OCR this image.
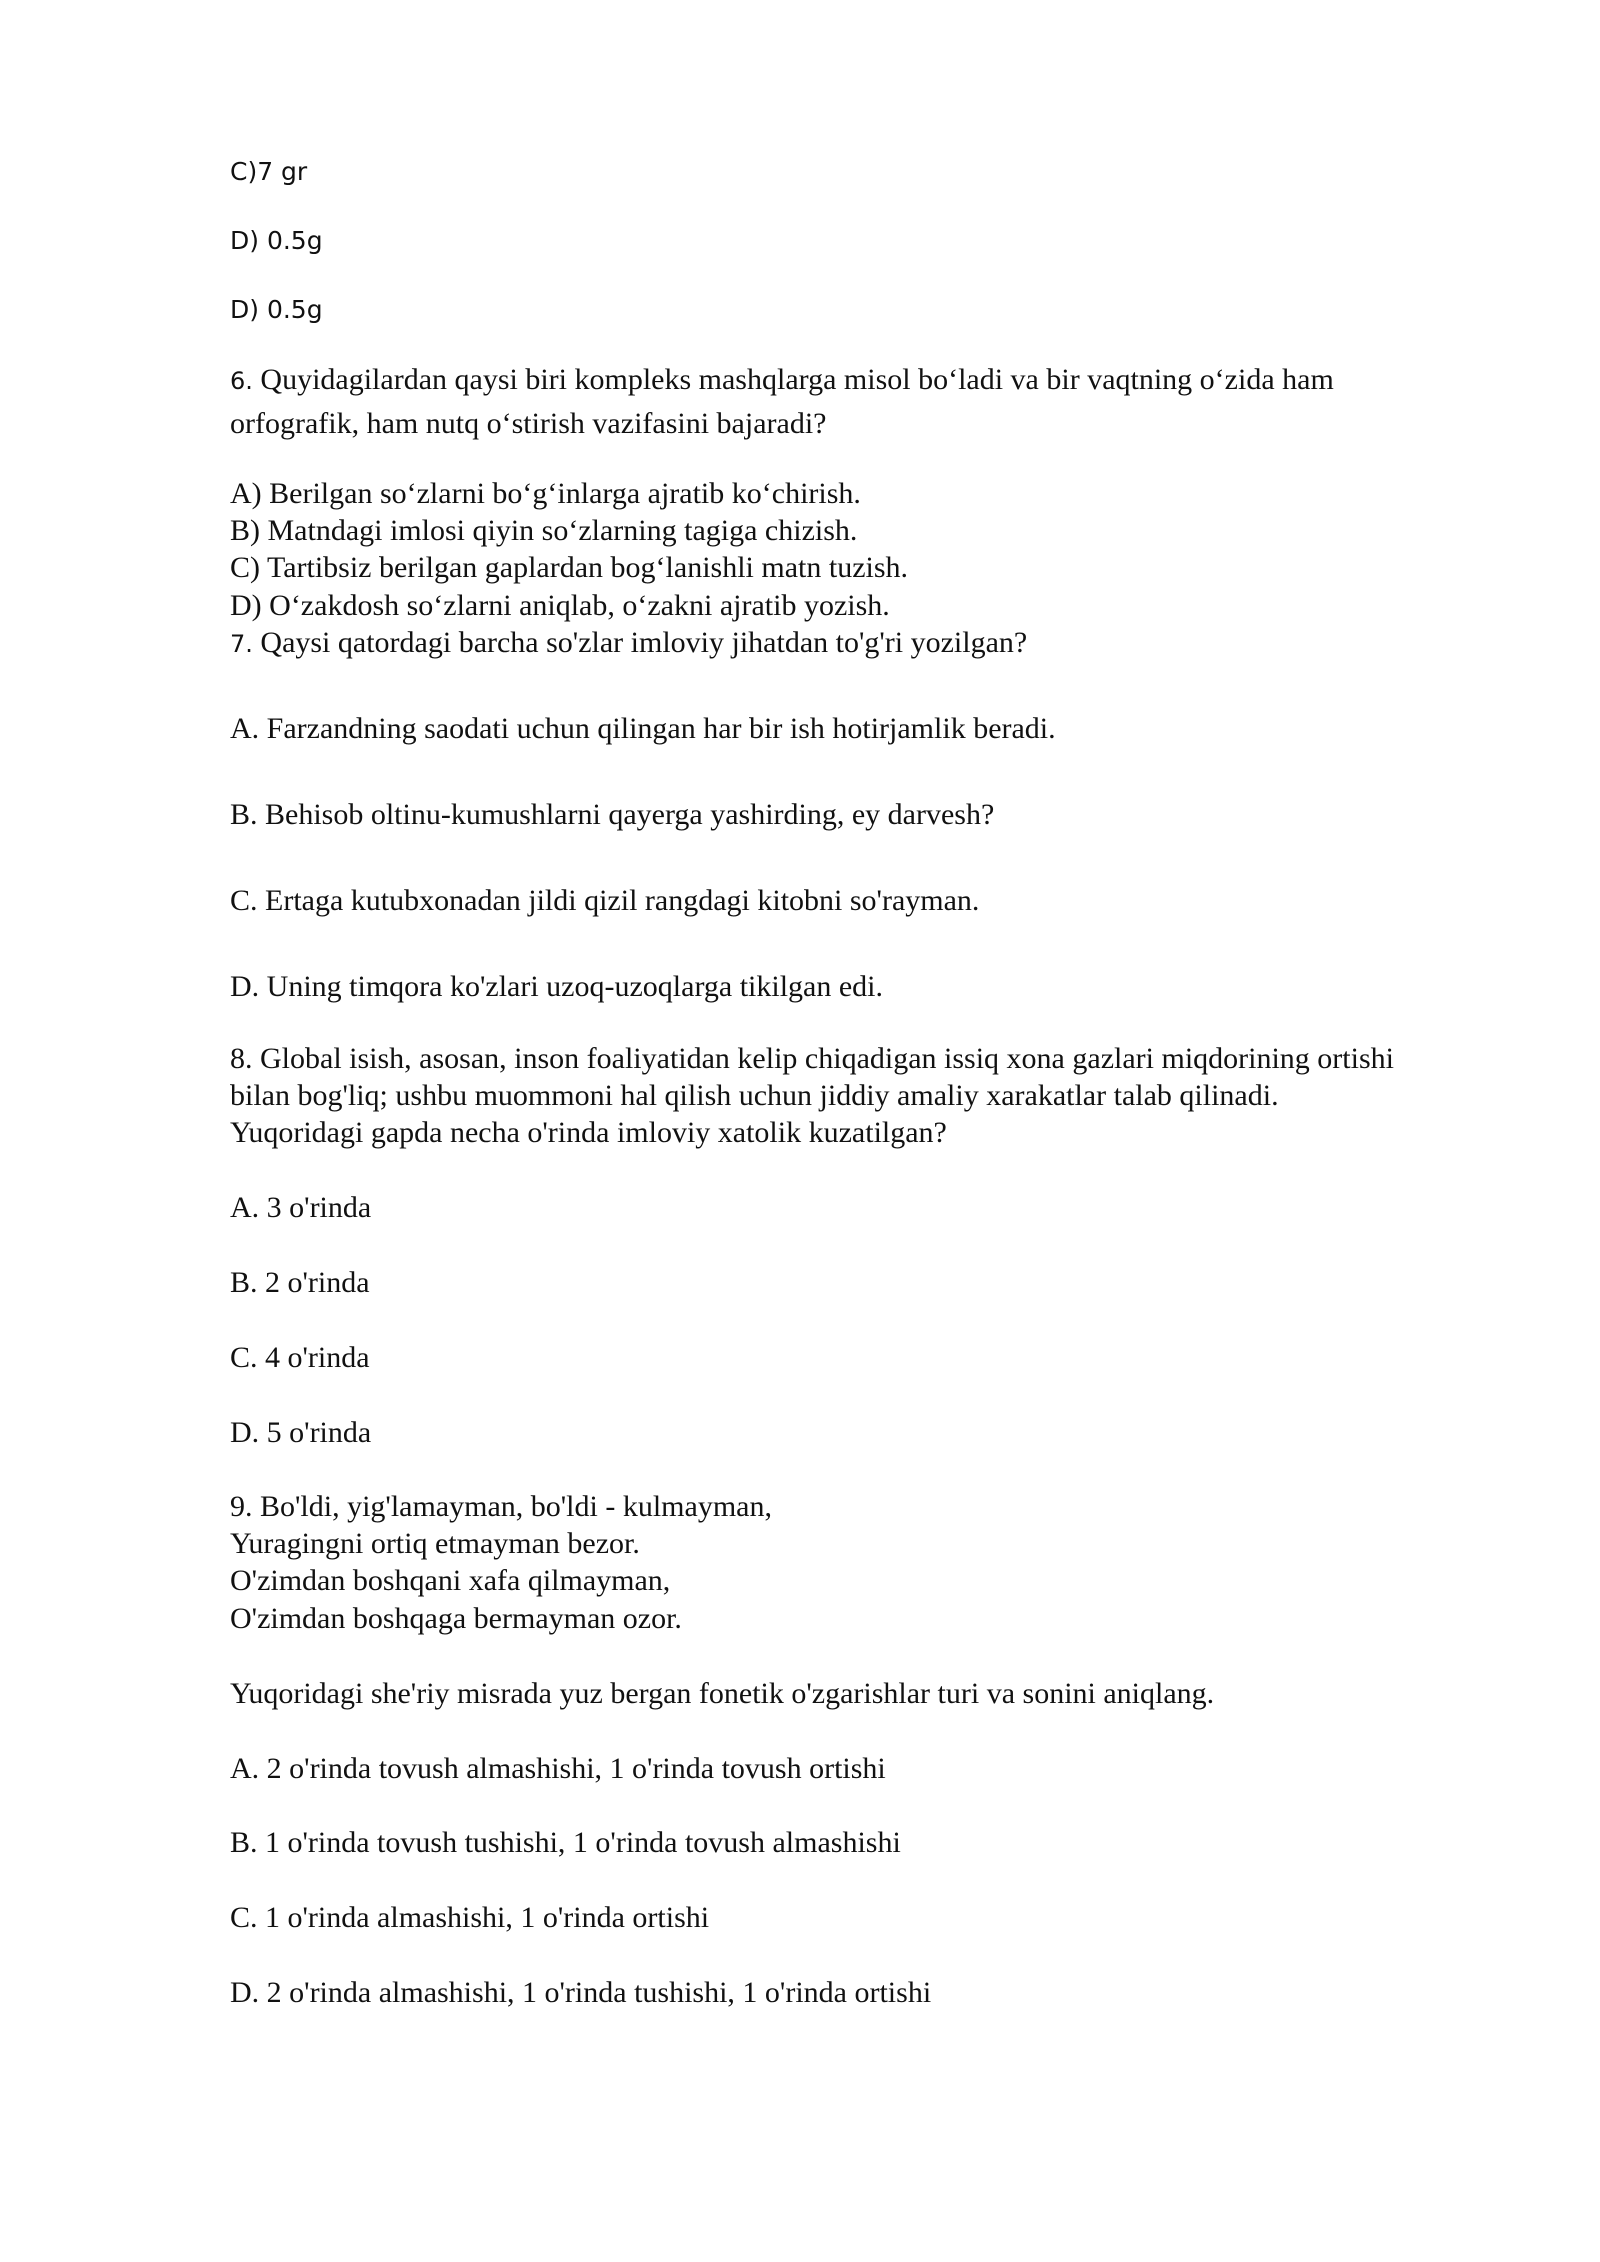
C)7 gr
D) 0.5g
D) 0.5g
6. Quyidagilardan qaysi biri kompleks mashqlarga misol bo‘ladi va bir vaqtning o‘zida ham
orfografik, ham nutq o‘stirish vazifasini bajaradi?
A) Berilgan so‘zlarni bo‘g‘inlarga ajratib ko‘chirish.
B) Matndagi imlosi qiyin so‘zlarning tagiga chizish.
C) Tartibsiz berilgan gaplardan bog‘lanishli matn tuzish.
D) O‘zakdosh so‘zlarni aniqlab, o‘zakni ajratib yozish.
7. Qaysi qatordagi barcha so'zlar imloviy jihatdan to'g'ri yozilgan?
A. Farzandning saodati uchun qilingan har bir ish hotirjamlik beradi.
B. Behisob oltinu-kumushlarni qayerga yashirding, ey darvesh?
C. Ertaga kutubxonadan jildi qizil rangdagi kitobni so'rayman.
D. Uning timqora ko'zlari uzoq-uzoqlarga tikilgan edi.
8. Global isish, asosan, inson foaliyatidan kelip chiqadigan issiq xona gazlari miqdorining ortishi
bilan bog'liq; ushbu muommoni hal qilish uchun jiddiy amaliy xarakatlar talab qilinadi.
Yuqoridagi gapda necha o'rinda imloviy xatolik kuzatilgan?
A. 3 o'rinda
B. 2 o'rinda
C. 4 o'rinda
D. 5 o'rinda
9. Bo'ldi, yig'lamayman, bo'ldi - kulmayman,
Yuragingni ortiq etmayman bezor.
O'zimdan boshqani xafa qilmayman,
O'zimdan boshqaga bermayman ozor.
Yuqoridagi she'riy misrada yuz bergan fonetik o'zgarishlar turi va sonini aniqlang.
A. 2 o'rinda tovush almashishi, 1 o'rinda tovush ortishi
B. 1 o'rinda tovush tushishi, 1 o'rinda tovush almashishi
C. 1 o'rinda almashishi, 1 o'rinda ortishi
D. 2 o'rinda almashishi, 1 o'rinda tushishi, 1 o'rinda ortishi
